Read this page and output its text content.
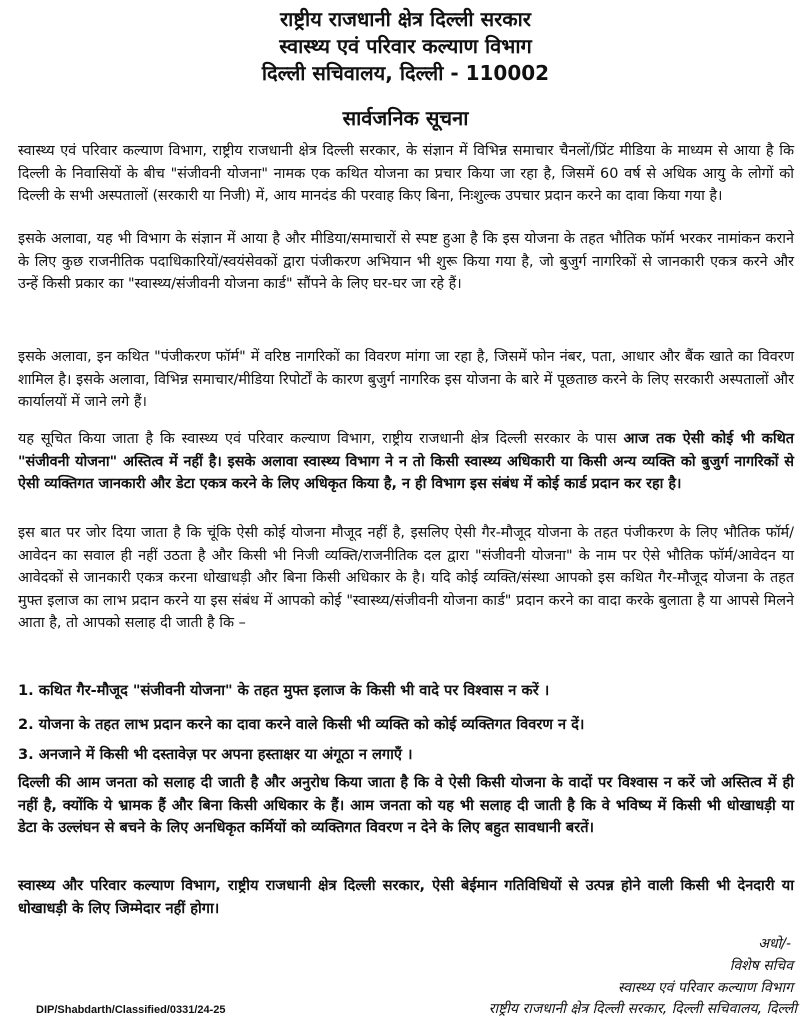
राष्ट्रीय राजधानी क्षेत्र दिल्ली सरकार
स्वास्थ्य एवं परिवार कल्याण विभाग
दिल्ली सचिवालय, दिल्ली - 110002
सार्वजनिक सूचना

स्वास्थ्य एवं परिवार कल्याण विभाग, राष्ट्रीय राजधानी क्षेत्र दिल्ली सरकार, के संज्ञान में विभिन्न समाचार चैनलों/प्रिंट मीडिया के माध्यम से आया है कि दिल्ली के निवासियों के बीच "संजीवनी योजना" नामक एक कथित योजना का प्रचार किया जा रहा है, जिसमें 60 वर्ष से अधिक आयु के लोगों को दिल्ली के सभी अस्पतालों (सरकारी या निजी) में, आय मानदंड की परवाह किए बिना, निःशुल्क उपचार प्रदान करने का दावा किया गया है।

इसके अलावा, यह भी विभाग के संज्ञान में आया है और मीडिया/समाचारों से स्पष्ट हुआ है कि इस योजना के तहत भौतिक फॉर्म भरकर नामांकन कराने के लिए कुछ राजनीतिक पदाधिकारियों/स्वयंसेवकों द्वारा पंजीकरण अभियान भी शुरू किया गया है, जो बुजुर्ग नागरिकों से जानकारी एकत्र करने और उन्हें किसी प्रकार का "स्वास्थ्य/संजीवनी योजना कार्ड" सौंपने के लिए घर-घर जा रहे हैं।

इसके अलावा, इन कथित "पंजीकरण फॉर्म" में वरिष्ठ नागरिकों का विवरण मांगा जा रहा है, जिसमें फोन नंबर, पता, आधार और बैंक खाते का विवरण शामिल है। इसके अलावा, विभिन्न समाचार/मीडिया रिपोर्टों के कारण बुजुर्ग नागरिक इस योजना के बारे में पूछताछ करने के लिए सरकारी अस्पतालों और कार्यालयों में जाने लगे हैं।

यह सूचित किया जाता है कि स्वास्थ्य एवं परिवार कल्याण विभाग, राष्ट्रीय राजधानी क्षेत्र दिल्ली सरकार के पास आज तक ऐसी कोई भी कथित "संजीवनी योजना" अस्तित्व में नहीं है। इसके अलावा स्वास्थ्य विभाग ने न तो किसी स्वास्थ्य अधिकारी या किसी अन्य व्यक्ति को बुजुर्ग नागरिकों से ऐसी व्यक्तिगत जानकारी और डेटा एकत्र करने के लिए अधिकृत किया है, न ही विभाग इस संबंध में कोई कार्ड प्रदान कर रहा है।

इस बात पर जोर दिया जाता है कि चूंकि ऐसी कोई योजना मौजूद नहीं है, इसलिए ऐसी गैर-मौजूद योजना के तहत पंजीकरण के लिए भौतिक फॉर्म/आवेदन का सवाल ही नहीं उठता है और किसी भी निजी व्यक्ति/राजनीतिक दल द्वारा "संजीवनी योजना" के नाम पर ऐसे भौतिक फॉर्म/आवेदन या आवेदकों से जानकारी एकत्र करना धोखाधड़ी और बिना किसी अधिकार के है। यदि कोई व्यक्ति/संस्था आपको इस कथित गैर-मौजूद योजना के तहत मुफ्त इलाज का लाभ प्रदान करने या इस संबंध में आपको कोई "स्वास्थ्य/संजीवनी योजना कार्ड" प्रदान करने का वादा करके बुलाता है या आपसे मिलने आता है, तो आपको सलाह दी जाती है कि –

1. कथित गैर-मौजूद "संजीवनी योजना" के तहत मुफ्त इलाज के किसी भी वादे पर विश्वास न करें ।

2. योजना के तहत लाभ प्रदान करने का दावा करने वाले किसी भी व्यक्ति को कोई व्यक्तिगत विवरण न दें।

3. अनजाने में किसी भी दस्तावेज़ पर अपना हस्ताक्षर या अंगूठा न लगाएँ ।

दिल्ली की आम जनता को सलाह दी जाती है और अनुरोध किया जाता है कि वे ऐसी किसी योजना के वादों पर विश्वास न करें जो अस्तित्व में ही नहीं है, क्योंकि ये भ्रामक हैं और बिना किसी अधिकार के हैं। आम जनता को यह भी सलाह दी जाती है कि वे भविष्य में किसी भी धोखाधड़ी या डेटा के उल्लंघन से बचने के लिए अनधिकृत कर्मियों को व्यक्तिगत विवरण न देने के लिए बहुत सावधानी बरतें।

स्वास्थ्य और परिवार कल्याण विभाग, राष्ट्रीय राजधानी क्षेत्र दिल्ली सरकार, ऐसी बेईमान गतिविधियों से उत्पन्न होने वाली किसी भी देनदारी या धोखाधड़ी के लिए जिम्मेदार नहीं होगा।

अधो/-
विशेष सचिव
स्वास्थ्य एवं परिवार कल्याण विभाग
राष्ट्रीय राजधानी क्षेत्र दिल्ली सरकार, दिल्ली सचिवालय, दिल्ली
DIP/Shabdarth/Classified/0331/24-25
